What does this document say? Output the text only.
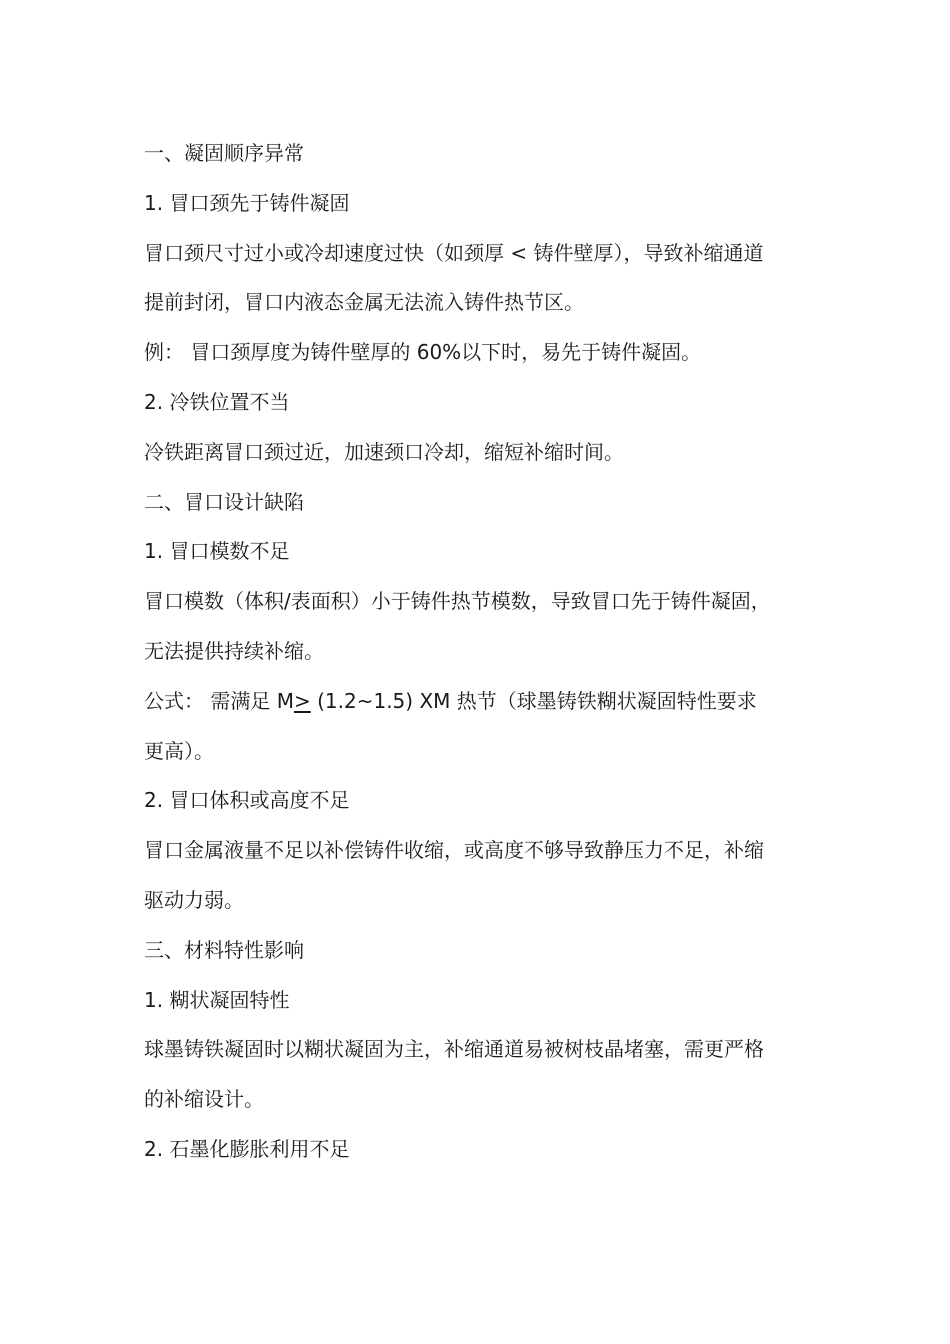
一、凝固顺序异常
1. 冒口颈先于铸件凝固
冒口颈尺寸过小或冷却速度过快（如颈厚 < 铸件壁厚），导致补缩通道
提前封闭，冒口内液态金属无法流入铸件热节区。
例： 冒口颈厚度为铸件壁厚的 60%以下时，易先于铸件凝固。
2. 冷铁位置不当
冷铁距离冒口颈过近，加速颈口冷却，缩短补缩时间。
二、冒口设计缺陷
1. 冒口模数不足
冒口模数（体积/表面积）小于铸件热节模数，导致冒口先于铸件凝固，
无法提供持续补缩。
公式： 需满足 M≥ (1.2~1.5) XM 热节（球墨铸铁糊状凝固特性要求
更高）。
2. 冒口体积或高度不足
冒口金属液量不足以补偿铸件收缩，或高度不够导致静压力不足，补缩
驱动力弱。
三、材料特性影响
1. 糊状凝固特性
球墨铸铁凝固时以糊状凝固为主，补缩通道易被树枝晶堵塞，需更严格
的补缩设计。
2. 石墨化膨胀利用不足
